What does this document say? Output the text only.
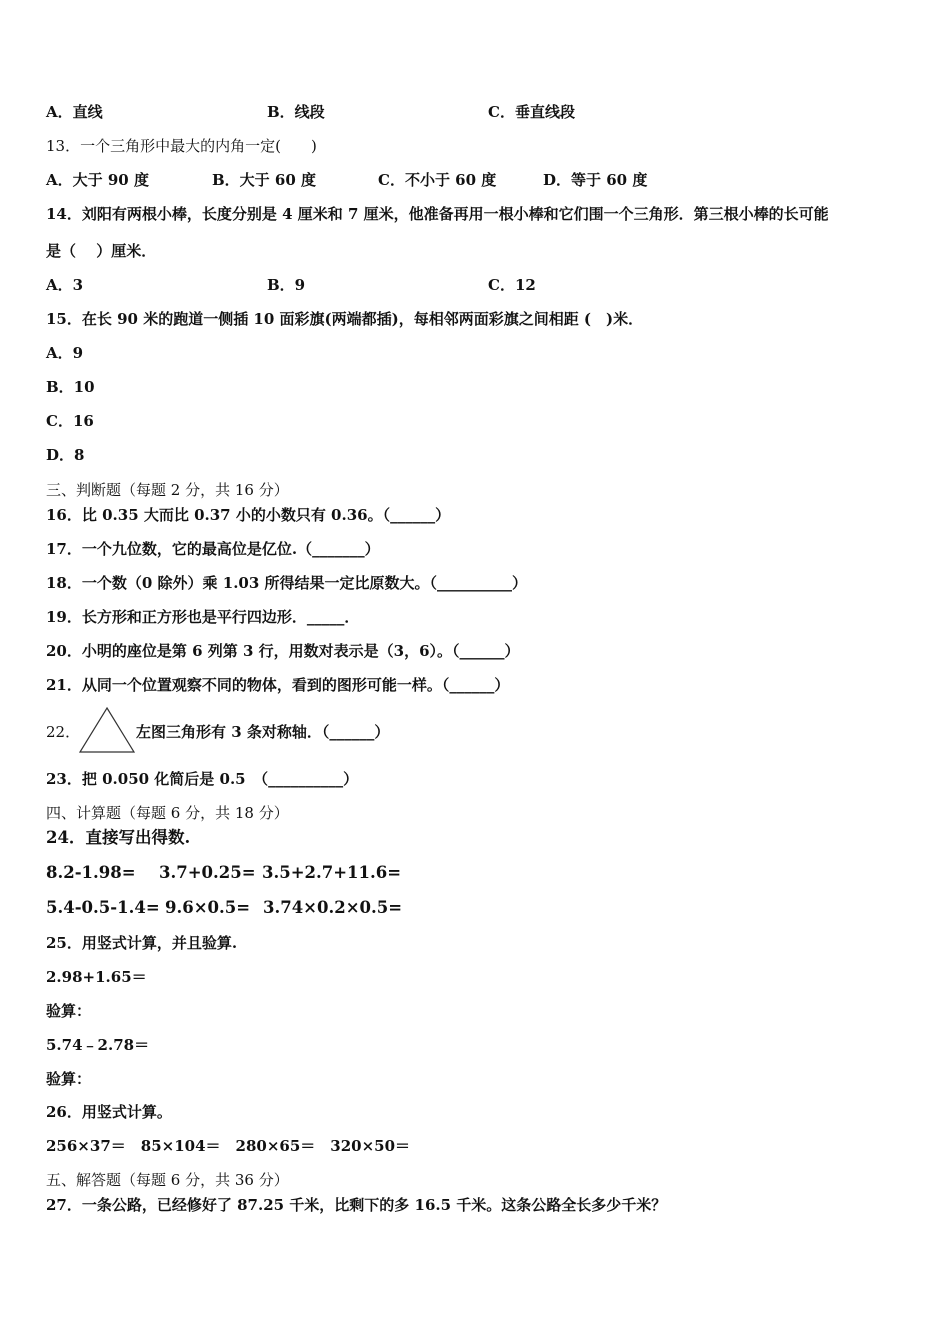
A．直线	B．线段	C．垂直线段
13．一个三角形中最大的内角一定(　　)
A．大于 90 度	B．大于 60 度	C．不小于 60 度	D．等于 60 度
14．刘阳有两根小棒，长度分别是 4 厘米和 7 厘米，他准备再用一根小棒和它们围一个三角形．第三根小棒的长可能
是（　 ）厘米．
A．3	B．9	C．12
15．在长 90 米的跑道一侧插 10 面彩旗(两端都插)，每相邻两面彩旗之间相距 (　)米．
A．9
B．10
C．16
D．8
三、判断题（每题 2 分，共 16 分）
16．比 0.35 大而比 0.37 小的小数只有 0.36。（______）
17．一个九位数，它的最高位是亿位.（_______）
18．一个数（0 除外）乘 1.03 所得结果一定比原数大。（__________）
19．长方形和正方形也是平行四边形．_____．
20．小明的座位是第 6 列第 3 行，用数对表示是（3，6）。（______）
21．从同一个位置观察不同的物体，看到的图形可能一样。（______）
22．	左图三角形有 3 条对称轴．（______）
23．把 0.050 化简后是 0.5　（__________）
四、计算题（每题 6 分，共 18 分）
24．直接写出得数.
8.2-1.98= 3.7+0.25= 3.5+2.7+11.6=
5.4-0.5-1.4= 9.6×0.5= 3.74×0.2×0.5=
25．用竖式计算，并且验算.
2.98+1.65＝
验算：
5.74﹣2.78＝
验算：
26．用竖式计算。
256×37＝　85×104＝　280×65＝　320×50＝
五、解答题（每题 6 分，共 36 分）
27．一条公路，已经修好了 87.25 千米，比剩下的多 16.5 千米。这条公路全长多少千米？
